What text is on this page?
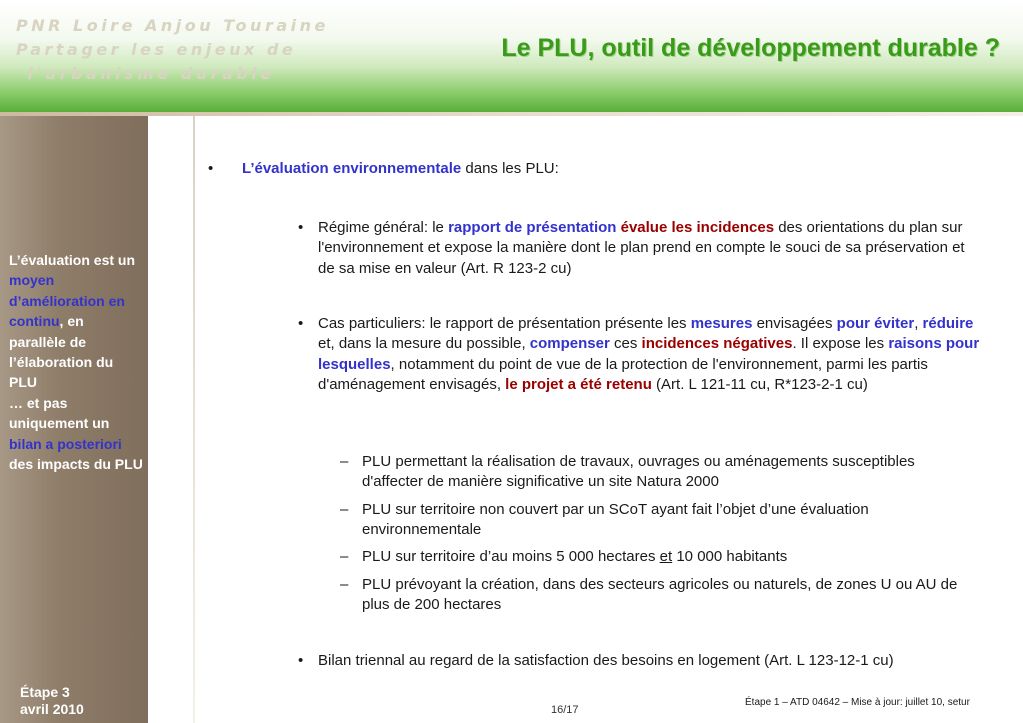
PNR Loire Anjou Touraine
Partager les enjeux de
l'urbanisme durable
Le PLU, outil de développement durable ?
L’évaluation est un moyen d’amélioration en continu, en parallèle de l’élaboration du PLU
… et pas uniquement un bilan a posteriori des impacts du PLU
Étape 3
avril 2010
• L’évaluation environnementale dans les PLU:
• Régime général: le rapport de présentation évalue les incidences des orientations du plan sur l'environnement et expose la manière dont le plan prend en compte le souci de sa préservation et de sa mise en valeur (Art. R 123-2 cu)
• Cas particuliers: le rapport de présentation présente les mesures envisagées pour éviter, réduire et, dans la mesure du possible, compenser ces incidences négatives. Il expose les raisons pour lesquelles, notamment du point de vue de la protection de l'environnement, parmi les partis d'aménagement envisagés, le projet a été retenu (Art. L 121-11 cu, R*123-2-1 cu)
– PLU permettant la réalisation de travaux, ouvrages ou aménagements susceptibles d'affecter de manière significative un site Natura 2000
– PLU sur territoire non couvert par un SCoT ayant fait l’objet d’une évaluation environnementale
– PLU sur territoire d’au moins 5 000 hectares et 10 000 habitants
– PLU prévoyant la création, dans des secteurs agricoles ou naturels, de zones U ou AU de plus de 200 hectares
• Bilan triennal au regard de la satisfaction des besoins en logement (Art. L 123-12-1 cu)
16/17
Étape 1 – ATD 04642 – Mise à jour: juillet 10, setur
